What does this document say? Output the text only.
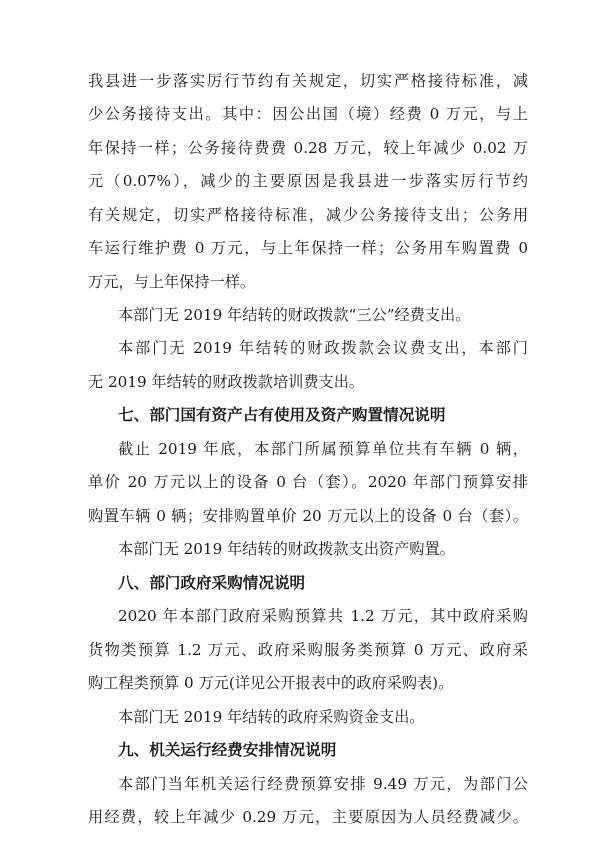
我县进一步落实厉行节约有关规定，切实严格接待标准，减
少公务接待支出。其中：因公出国（境）经费 0 万元，与上
年保持一样；公务接待费费 0.28 万元，较上年减少 0.02 万
元（0.07%），减少的主要原因是我县进一步落实厉行节约
有关规定，切实严格接待标准，减少公务接待支出；公务用
车运行维护费 0 万元，与上年保持一样；公务用车购置费 0
万元，与上年保持一样。
本部门无 2019 年结转的财政拨款“三公”经费支出。
本部门无 2019 年结转的财政拨款会议费支出，本部门
无 2019 年结转的财政拨款培训费支出。
七、部门国有资产占有使用及资产购置情况说明
截止 2019 年底，本部门所属预算单位共有车辆 0 辆，
单价 20 万元以上的设备 0 台（套）。2020 年部门预算安排
购置车辆 0 辆；安排购置单价 20 万元以上的设备 0 台（套）。
本部门无 2019 年结转的财政拨款支出资产购置。
八、部门政府采购情况说明
2020 年本部门政府采购预算共 1.2 万元，其中政府采购
货物类预算 1.2 万元、政府采购服务类预算 0 万元、政府采
购工程类预算 0 万元(详见公开报表中的政府采购表)。
本部门无 2019 年结转的政府采购资金支出。
九、机关运行经费安排情况说明
本部门当年机关运行经费预算安排 9.49 万元，为部门公
用经费，较上年减少 0.29 万元，主要原因为人员经费减少。
